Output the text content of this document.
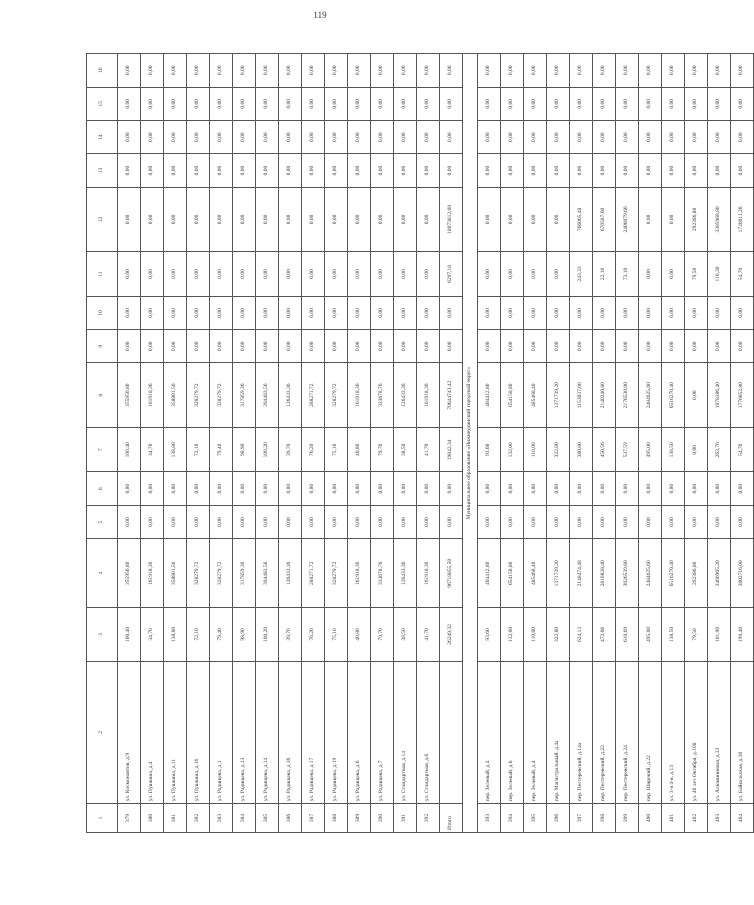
119
1	2	3	4	5	6	7	8	9	10	11	12	13	14	15	16
379	ул. Космонавтов, д.9	100,40	355950,80	0,00	0,00	100,40	355950,80	0,00	0,00	0,00	0,00	0,00	0,00	0,00	0,00
380	ул. Пушкина, д.4	34,70	161918,36	0,00	0,00	34,70	161918,36	0,00	0,00	0,00	0,00	0,00	0,00	0,00	0,00
381	ул. Пушкина, д.11	138,80	358801,56	0,00	0,00	138,80	358801,56	0,00	0,00	0,00	0,00	0,00	0,00	0,00	0,00
382	ул. Пушкина, д.16	72,10	328279,72	0,00	0,00	72,10	328279,72	0,00	0,00	0,00	0,00	0,00	0,00	0,00	0,00
383	ул. Радищева, д.1	79,40	328279,72	0,00	0,00	79,40	328279,72	0,00	0,00	0,00	0,00	0,00	0,00	0,00	0,00
384	ул. Радищева, д.13	98,90	317859,36	0,00	0,00	98,90	317859,36	0,00	0,00	0,00	0,00	0,00	0,00	0,00	0,00
385	ул. Радищева, д.14	100,20	394483,56	0,00	0,00	100,20	394483,56	0,00	0,00	0,00	0,00	0,00	0,00	0,00	0,00
386	ул. Радищева, д.16	39,70	126433,36	0,00	0,00	39,70	126433,36	0,00	0,00	0,00	0,00	0,00	0,00	0,00	0,00
387	ул. Радищева, д.17	76,20	288271,72	0,00	0,00	76,20	288271,72	0,00	0,00	0,00	0,00	0,00	0,00	0,00	0,00
388	ул. Радищева, д.19	75,10	328279,72	0,00	0,00	75,10	328279,72	0,00	0,00	0,00	0,00	0,00	0,00	0,00	0,00
389	ул. Радищева, д.6	40,80	161918,36	0,00	0,00	40,80	161918,36	0,00	0,00	0,00	0,00	0,00	0,00	0,00	0,00
390	ул. Радищева, д.7	79,70	333678,76	0,00	0,00	79,70	333678,76	0,00	0,00	0,00	0,00	0,00	0,00	0,00	0,00
391	ул. Стандартная, д.14	38,50	126433,36	0,00	0,00	38,50	126433,36	0,00	0,00	0,00	0,00	0,00	0,00	0,00	0,00
392	ул. Стандартная, д.6	41,70	161918,36	0,00	0,00	41,70	161918,36	0,00	0,00	0,00	0,00	0,00	0,00	0,00	0,00
Итого		26249,32	96718855,50	0,00	0,00	19042,34	70644743,42	0,00	0,00	6297,18	18073812,08	0,00	0,00	0,00	0,00
Муниципальное образование «Нижнеудинский городской округ»															
393	пер. Зеленый, д.4	93,60	404412,80	0,00	0,00	93,60	404412,80	0,00	0,00	0,00	0,00	0,00	0,00	0,00	0,00
394	пер. Зеленый, д.6	132,00	654158,80	0,00	0,00	132,00	654158,80	0,00	0,00	0,00	0,00	0,00	0,00	0,00	0,00
395	пер. Зеленый, д.4	110,00	485468,40	0,00	0,00	110,00	485468,40	0,00	0,00	0,00	0,00	0,00	0,00	0,00	0,00
396	пер. Магистральный, д.4а	322,80	1371739,20	0,00	0,00	322,80	1371739,20	0,00	0,00	0,00	0,00	0,00	0,00	0,00	0,00
397	пер. Пестеревский, д.14а	624,13	2148474,48	0,00	0,00	380,80	1153037,00	0,00	0,00	243,33	766065,48	0,00	0,00	0,00	0,00
398	пер. Пестеревский, д.22	472,66	2810828,40	0,00	0,00	450,56	2140240,80	0,00	0,00	22,10	670587,60	0,00	0,00	0,00	0,00
399	пер. Пестеревский, д.24	610,69	3026539,60	0,00	0,00	537,59	2176530,00	0,00	0,00	73,10	2406079,60	0,00	0,00	0,00	0,00
400	пер. Широкий, д.22	495,00	2484625,60	0,00	0,00	495,00	2484625,60	0,00	0,00	0,00	0,00	0,00	0,00	0,00	0,00
401	ул. 3-я 4-я, д.13	138,50	6516270,40	0,00	0,00	138,50	6516270,40	0,00	0,00	0,00	0,00	0,00	0,00	0,00	0,00
402	ул. 40 лет Октября, д.108	79,50	292386,80	0,00	0,00	0,00	0,00	0,00	0,00	79,50	292386,80	0,00	0,00	0,00	0,00
403	ул. Алюминиевая, д.33	101,90	3466965,20	0,00	0,00	263,70	1078386,40	0,00	0,00	110,30	3385968,80	0,00	0,00	0,00	0,00
404	ул. Байкальская, д.30	199,40	3802716,00	0,00	0,00	54,70	1776052,80	0,00	0,00	54,70	1726011,20	0,00	0,00	0,00	0,00
